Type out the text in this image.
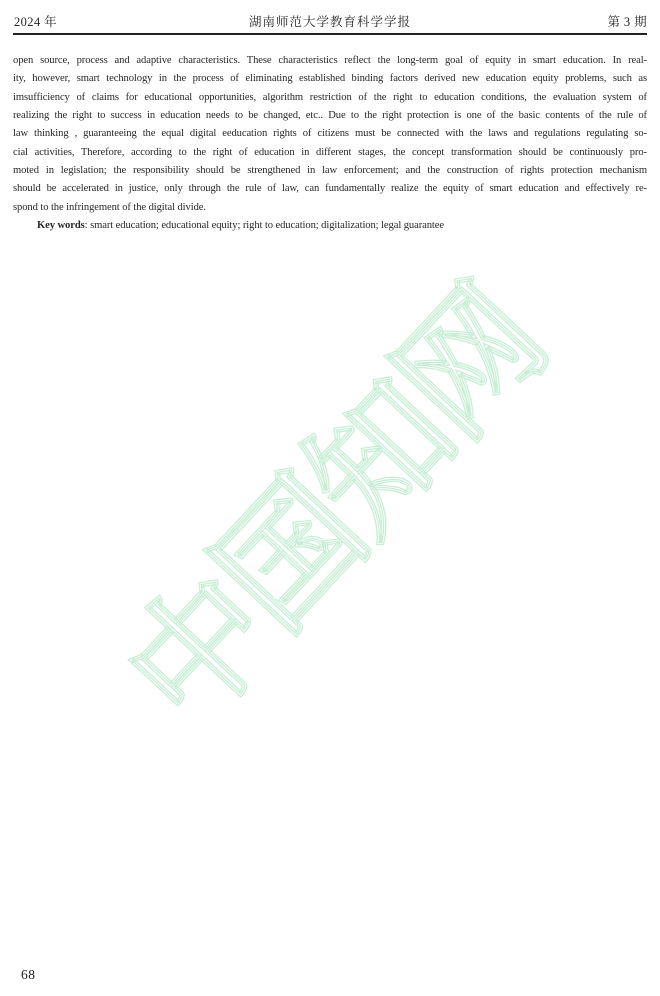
2024 年	湖南师范大学教育科学学报	第 3 期
open source, process and adaptive characteristics. These characteristics reflect the long-term goal of equity in smart education. In real-
ity, however, smart technology in the process of eliminating established binding factors derived new education equity problems, such as
imsufficiency of claims for educational opportunities, algorithm restriction of the right to education conditions, the evaluation system of
realizing the right to success in education needs to be changed, etc.. Due to the right protection is one of the basic contents of the rule of
law thinking , guaranteeing the equal digital eeducation rights of citizens must be connected with the laws and regulations regulating so-
cial activities, Therefore, according to the right of education in different stages, the concept transformation should be continuously pro-
moted in legislation; the responsibility should be strengthened in law enforcement; and the construction of rights protection mechanism
should be accelerated in justice, only through the rule of law, can fundamentally realize the equity of smart education and effectively re-
spond to the infringement of the digital divide.
Key words: smart education; educational equity; right to education; digitalization; legal guarantee
中国知网
68
